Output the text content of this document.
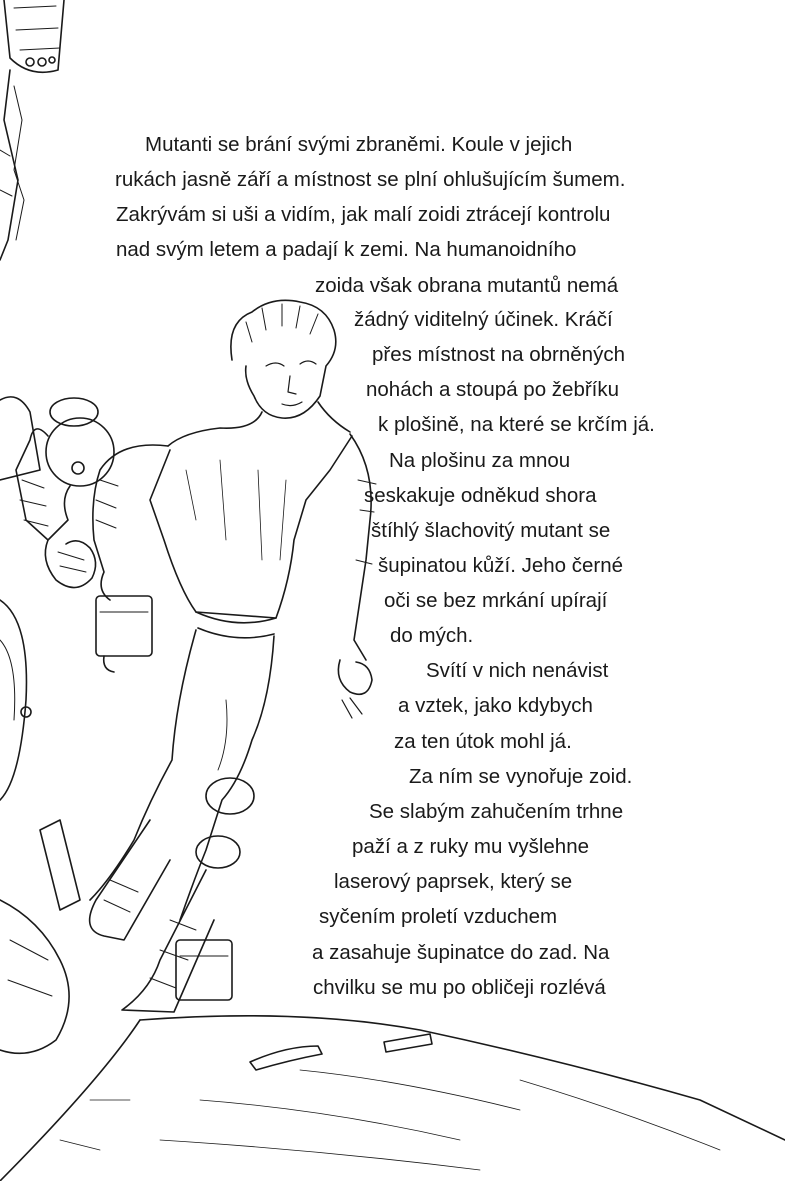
Mutanti se brání svými zbraněmi. Koule v jejich
rukách jasně září a místnost se plní ohlušujícím šumem.
Zakrývám si uši a vidím, jak malí zoidi ztrácejí kontrolu
nad svým letem a padají k zemi. Na humanoidního
zoida však obrana mutantů nemá
žádný viditelný účinek. Kráčí
přes místnost na obrněných
nohách a stoupá po žebříku
k plošině, na které se krčím já.
Na plošinu za mnou
seskakuje odněkud shora
štíhlý šlachovitý mutant se
šupinatou kůží. Jeho černé
oči se bez mrkání upírají
do mých.
Svítí v nich nenávist
a vztek, jako kdybych
za ten útok mohl já.
Za ním se vynořuje zoid.
Se slabým zahučením trhne
paží a z ruky mu vyšlehne
laserový paprsek, který se
syčením proletí vzduchem
a zasahuje šupinatce do zad. Na
chvilku se mu po obličeji rozlévá
